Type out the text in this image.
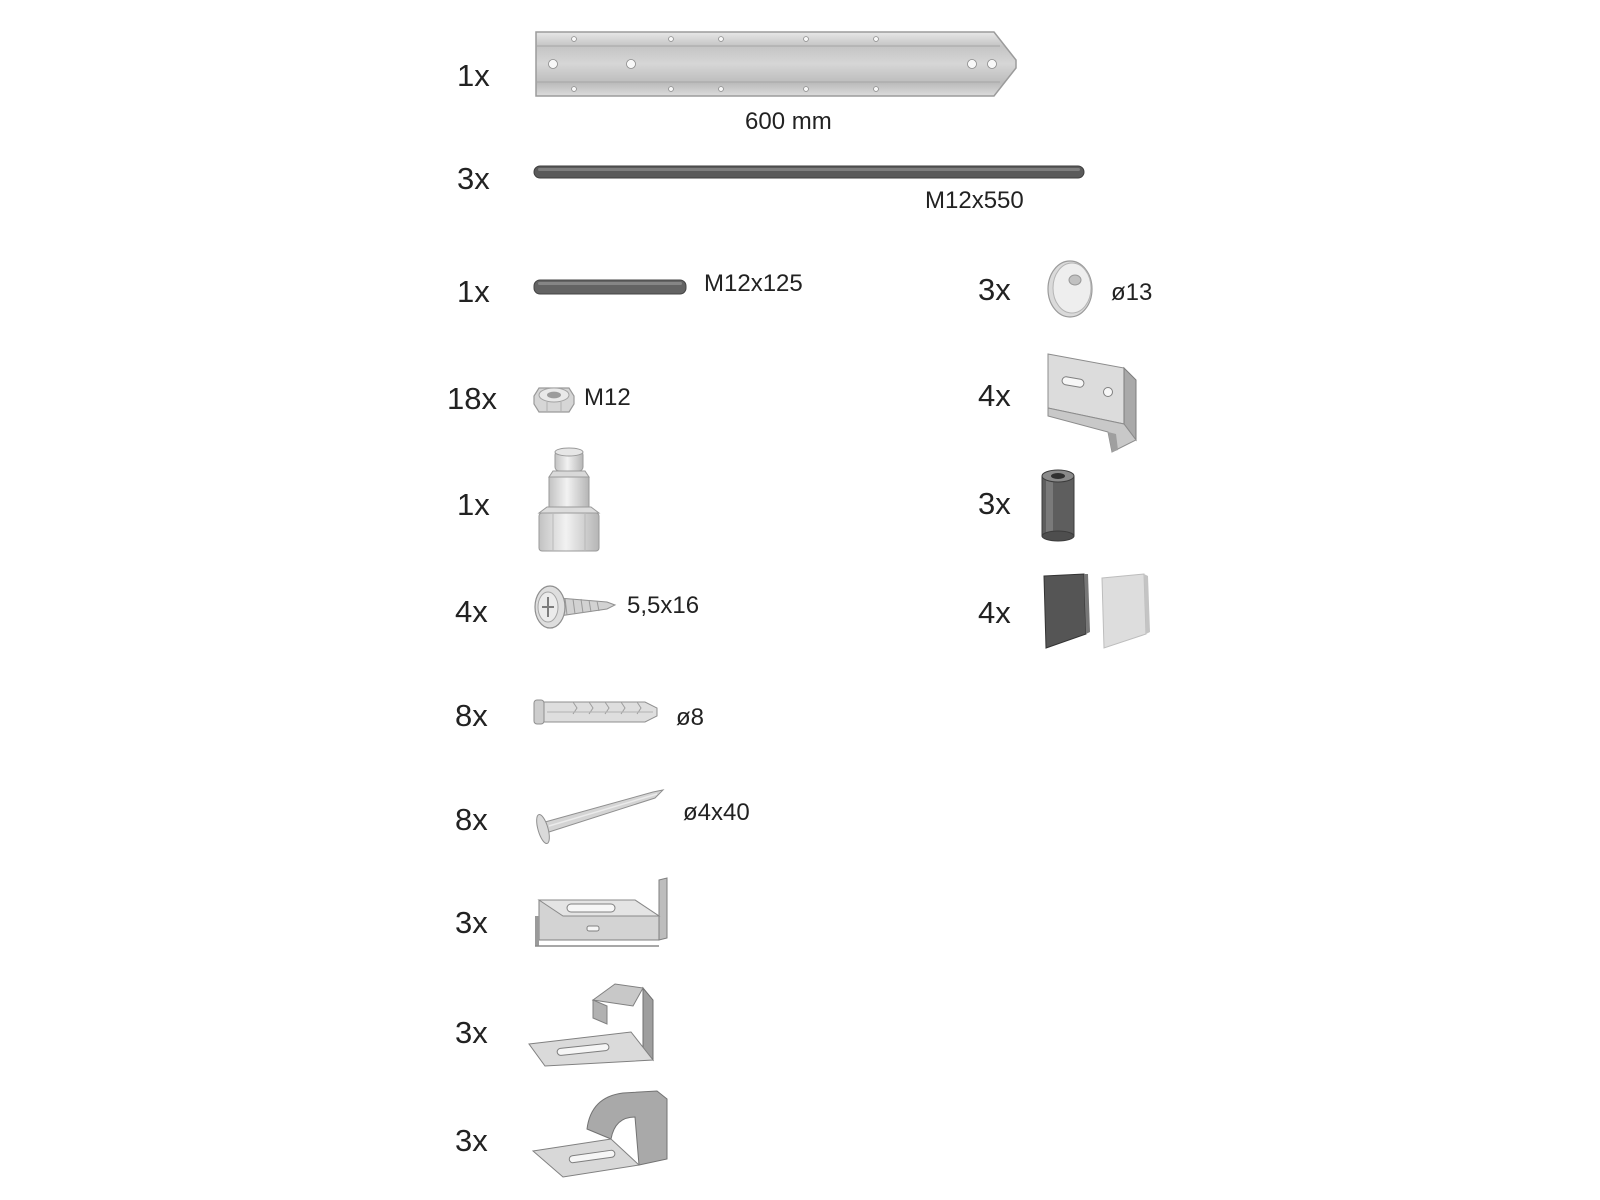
1x
3x
1x
18x
1x
4x
8x
8x
3x
3x
3x
3x
4x
3x
4x
600 mm
M12x550
M12x125
M12
5,5x16
ø8
ø4x40
ø13
